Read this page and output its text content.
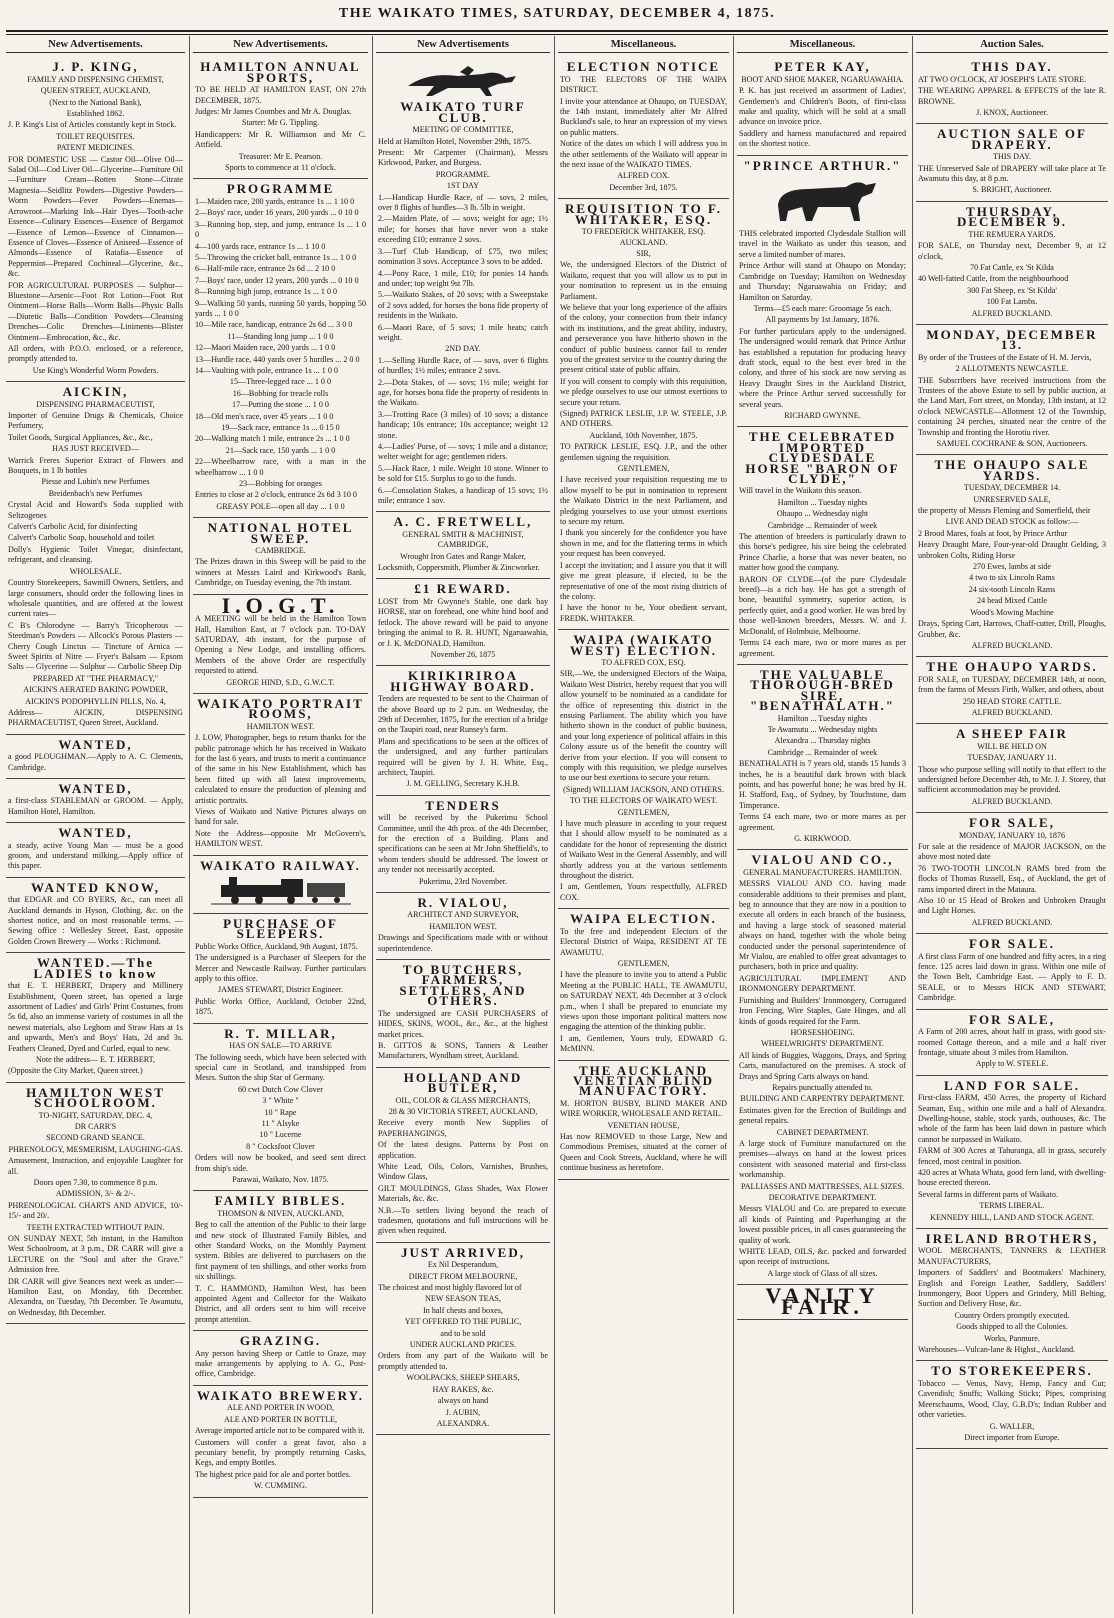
THE WAIKATO TIMES, SATURDAY, DECEMBER 4, 1875.
New Advertisements.
J. P. KING,

FAMILY AND DISPENSING CHEMIST,

QUEEN STREET, AUCKLAND,

(Next to the National Bank),

Established 1862.

J. P. King's List of Articles constantly kept in Stock.

TOILET REQUISITES.

PATENT MEDICINES.

FOR DOMESTIC USE — Castor Oil—Olive Oil—Salad Oil—Cod Liver Oil—Glycerine—Furniture Oil—Furniture Cream—Rotten Stone—Citrate Magnesia—Seidlitz Powders—Digestive Powders—Worm Powders—Fever Powders—Enemas—Arrowroot—Marking Ink—Hair Dyes—Tooth-ache Essence—Culinary Essences—Essence of Bergamot—Essence of Lemon—Essence of Cinnamon—Essence of Cloves—Essence of Aniseed—Essence of Almonds—Essence of Ratafia—Essence of Peppermint—Prepared Cochineal—Glycerine, &c., &c.

FOR AGRICULTURAL PURPOSES — Sulphur—Bluestone—Arsenic—Foot Rot Lotion—Foot Rot Ointment—Horse Balls—Worm Balls—Physic Balls—Diuretic Balls—Condition Powders—Cleansing Drenches—Colic Drenches—Liniments—Blister Ointment—Embrocation, &c., &c.

All orders, with P.O.O. enclosed, or a reference, promptly attended to.

Use King's Wonderful Worm Powders.

AICKIN,

DISPENSING PHARMACEUTIST,

Importer of Genuine Drugs & Chemicals, Choice Perfumery,

Toilet Goods, Surgical Appliances, &c., &c.,

HAS JUST RECEIVED—

Warrick Freres Superior Extract of Flowers and Bouquets, in 1 lb bottles

Piesse and Lubin's new Perfumes

Breidenbach's new Perfumes

Crystal Acid and Howard's Soda supplied with Seltzogenes

Calvert's Carbolic Acid, for disinfecting

Calvert's Carbolic Soap, household and toilet

Dolly's Hygienic Toilet Vinegar, disinfectant, refrigerant, and cleansing.

WHOLESALE.

Country Storekeepers, Sawmill Owners, Settlers, and large consumers, should order the following lines in wholesale quantities, and are offered at the lowest current rates—

C B's Chlorodyne — Barry's Tricopherous — Steedman's Powders — Allcock's Porous Plasters — Cherry Cough Linctus — Tincture of Arnica — Sweet Spirits of Nitre — Fryer's Balsam — Epsom Salts — Glycerine — Sulphur — Carbolic Sheep Dip

PREPARED AT "THE PHARMACY,"

AICKIN'S AERATED BAKING POWDER,

AICKIN'S PODOPHYLLIN PILLS, No. 4,

Address— AICKIN, DISPENSING PHARMACEUTIST, Queen Street, Auckland.

WANTED,

a good PLOUGHMAN.—Apply to A. C. Clements, Cambridge.

WANTED,

a first-class STABLEMAN or GROOM. — Apply, Hamilton Hotel, Hamilton.

WANTED,

a steady, active Young Man — must be a good groom, and understand milking.—Apply office of this paper.

WANTED KNOW,

that EDGAR and CO BYERS, &c., can meet all Auckland demands in Hyson, Clothing, &c. on the shortest notice, and on most reasonable terms. — Sewing office : Wellesley Street, East, opposite Golden Crown Brewery — Works : Richmond.

WANTED.—The LADIES to know

that E. T. HERBERT, Drapery and Millinery Establishment, Queen street, has opened a large assortment of Ladies' and Girls' Print Costumes, from 5s 6d, also an immense variety of costumes in all the newest materials, also Leghorn and Straw Hats at 1s and upwards, Men's and Boys' Hats, 2d and 3s. Feathers Cleaned, Dyed and Curled, equal to new.

Note the address— E. T. HERBERT,

(Opposite the City Market, Queen street.)

HAMILTON WEST SCHOOLROOM.

TO-NIGHT, SATURDAY, DEC. 4,

DR CARR'S

SECOND GRAND SEANCE.

PHRENOLOGY, MESMERISM, LAUGHING-GAS.

Amusement, Instruction, and enjoyable Laughter for all.

Doors open 7.30, to commence 8 p.m.

ADMISSION, 3/- & 2/-.

PHRENOLOGICAL CHARTS AND ADVICE, 10/- 15/- and 20/.

TEETH EXTRACTED WITHOUT PAIN.

ON SUNDAY NEXT, 5th instant, in the Hamilton West Schoolroom, at 3 p.m., DR CARR will give a LECTURE on the "Soul and after the Grave." Admission free.

DR CARR will give Seances next week as under:— Hamilton East, on Monday, 6th December. Alexandra, on Tuesday, 7th December. Te Awamutu, on Wednesday, 8th December.

New Advertisements.
HAMILTON ANNUAL SPORTS,

TO BE HELD AT HAMILTON EAST, ON 27th DECEMBER, 1875.

Judges: Mr James Coombes and Mr A. Douglas.

Starter: Mr G. Tippling.

Handicappers: Mr R. Williamson and Mr C. Attfield.

Treasurer: Mr E. Pearson.

Sports to commence at 11 o'clock.

PROGRAMME

1—Maiden race, 200 yards, entrance 1s ... 1 10 0

2—Boys' race, under 16 years, 200 yards ... 0 10 0

3—Running hop, step, and jump, entrance 1s ... 1 0 0

4—100 yards race, entrance 1s ... 1 10 0

5—Throwing the cricket ball, entrance 1s ... 1 0 0

6—Half-mile race, entrance 2s 6d ... 2 10 0

7—Boys' race, under 12 years, 200 yards ... 0 10 0

8—Running high jump, entrance 1s ... 1 0 0

9—Walking 50 yards, running 50 yards, hopping 50 yards ... 1 0 0

10—Mile race, handicap, entrance 2s 6d ... 3 0 0

11—Standing long jump ... 1 0 0

12—Maori Maiden race, 200 yards ... 1 0 0

13—Hurdle race, 440 yards over 5 hurdles ... 2 0 0

14—Vaulting with pole, entrance 1s ... 1 0 0

15—Three-legged race ... 1 0 0

16—Bobbing for treacle rolls

17—Putting the stone ... 1 0 0

18—Old men's race, over 45 years ... 1 0 0

19—Sack race, entrance 1s ... 0 15 0

20—Walking match 1 mile, entrance 2s ... 1 0 0

21—Sack race, 150 yards ... 1 0 0

22—Wheelbarrow race, with a man in the wheelbarrow ... 1 0 0

23—Bobbing for oranges

Entries to close at 2 o'clock, entrance 2s 6d 3 10 0

GREASY POLE—open all day ... 1 0 0

NATIONAL HOTEL SWEEP.

CAMBRIDGE.

The Prizes drawn in this Sweep will be paid to the winners at Messrs Laird and Kirkwood's Bank, Cambridge, on Tuesday evening, the 7th instant.

I.O.G.T.

A MEETING will be held in the Hamilton Town Hall, Hamilton East, at 7 o'clock p.m. TO-DAY SATURDAY, 4th instant, for the purpose of Opening a New Lodge, and installing officers. Members of the above Order are respectfully requested to attend.

GEORGE HIND, S.D., G.W.C.T.

WAIKATO PORTRAIT ROOMS,

HAMILTON WEST.

J. LOW, Photographer, begs to return thanks for the public patronage which he has received in Waikato for the last 6 years, and trusts to merit a continuance of the same in his New Establishment, which has been fitted up with all latest improvements, calculated to ensure the production of pleasing and artistic portraits.

Views of Waikato and Native Pictures always on hand for sale.

Note the Address—opposite Mr McGovern's, HAMILTON WEST.

WAIKATO RAILWAY.
PURCHASE OF SLEEPERS.

Public Works Office, Auckland, 9th August, 1875.

The undersigned is a Purchaser of Sleepers for the Mercer and Newcastle Railway. Further particulars apply to this office.

JAMES STEWART, District Engineer.

Public Works Office, Auckland, October 22nd, 1875.

R. T. MILLAR,

HAS ON SALE—TO ARRIVE

The following seeds, which have been selected with special care in Scotland, and transhipped from Mesrs. Sutton the ship Star of Germany.

60 cwt Dutch Cow Clover

3 " White "

10 " Rape

11 " Alsyke

10 " Lucerne

8 " Cocksfoot Clover

Orders will now be booked, and seed sent direct from ship's side.

Parawai, Waikato, Nov. 1875.

FAMILY BIBLES.

THOMSON & NIVEN, AUCKLAND,

Beg to call the attention of the Public to their large and new stock of Illustrated Family Bibles, and other Standard Works, on the Monthly Payment system. Bibles are delivered to purchasers on the first payment of ten shillings, and other works from six shillings.

T. C. HAMMOND, Hamilton West, has been appointed Agent and Collector for the Waikato District, and all orders sent to him will receive prompt attention.

GRAZING.

Any person having Sheep or Cattle to Graze, may make arrangements by applying to A. G., Post-office, Cambridge.

WAIKATO BREWERY.

ALE AND PORTER IN WOOD,

ALE AND PORTER IN BOTTLE,

Average imported article not to be compared with it.

Customers will confer a great favor, also a pecuniary benefit, by promptly returning Casks, Kegs, and empty Bottles.

The highest price paid for ale and porter bottles.

W. CUMMING.

New Advertisements
WAIKATO TURF CLUB.

MEETING OF COMMITTEE,

Held at Hamilton Hotel, November 29th, 1875.

Present: Mr Carpenter (Chairman), Messrs Kirkwood, Parker, and Burgess.

PROGRAMME.

1ST DAY

1.—Handicap Hurdle Race, of — sovs, 2 miles, over 8 flights of hurdles—3 lb. 5lb in weight.

2.—Maiden Plate, of — sovs; weight for age; 1½ mile; for horses that have never won a stake exceeding £10; entrance 2 sovs.

3.—Turf Club Handicap, of £75, two miles; nomination 3 sovs. Acceptance 3 sovs to be added.

4.—Pony Race, 1 mile, £10; for ponies 14 hands and under; top weight 9st 7lb.

5.—Waikato Stakes, of 20 sovs; with a Sweepstake of 2 sovs added, for horses the bona fide property of residents in the Waikato.

6.—Maori Race, of 5 sovs; 1 mile heats; catch weight.

2ND DAY.

1.—Selling Hurdle Race, of — sovs, over 6 flights of hurdles; 1½ miles; entrance 2 sovs.

2.—Dota Stakes, of — sovs; 1½ mile; weight for age, for horses bona fide the property of residents in the Waikato.

3.—Trotting Race (3 miles) of 10 sovs; a distance handicap; 10s entrance; 10s acceptance; weight 12 stone.

4.—Ladies' Purse, of — sovs; 1 mile and a distance; welter weight for age; gentlemen riders.

5.—Hack Race, 1 mile. Weight 10 stone. Winner to be sold for £15. Surplus to go to the funds.

6.—Consolation Stakes, a handicap of 15 sovs; 1½ mile; entrance 1 sov.

A. C. FRETWELL,

GENERAL SMITH & MACHINIST, CAMBRIDGE,

Wrought Iron Gates and Range Maker,

Locksmith, Coppersmith, Plumber & Zincworker.

£1 REWARD.

LOST from Mr Gwynne's Stable, one dark bay HORSE, star on forehead, one white hind hoof and fetlock. The above reward will be paid to anyone bringing the animal to R. R. HUNT, Ngaruawahia, or J. K. McDONALD, Hamilton.

November 26, 1875

KIRIKIRIROA HIGHWAY BOARD.

Tenders are requested to be sent to the Chairman of the above Board up to 2 p.m. on Wednesday, the 29th of December, 1875, for the erection of a bridge on the Taupiri road, near Runsey's farm.

Plans and specifications to be seen at the offices of the undersigned, and any further particulars required will be given by J. H. White, Esq., architect, Taupiri.

J. M. GELLING, Secretary K.H.B.

TENDERS

will be received by the Pukerimu School Committee, until the 4th prox. of the 4th December, for the erection of a Building. Plans and specifications can be seen at Mr John Sheffield's, to whom tenders should be addressed. The lowest or any tender not necessarily accepted.

Pukerimu, 23rd November.

R. VIALOU,

ARCHITECT AND SURVEYOR,

HAMILTON WEST.

Drawings and Specifications made with or without superintendence.

TO BUTCHERS, FARMERS, SETTLERS, AND OTHERS.

The undersigned are CASH PURCHASERS of HIDES, SKINS, WOOL, &c., &c., at the highest market prices.

B. GITTOS & SONS, Tanners & Leather Manufacturers, Wyndham street, Auckland.

HOLLAND AND BUTLER,

OIL, COLOR & GLASS MERCHANTS,

28 & 30 VICTORIA STREET, AUCKLAND,

Receive every month New Supplies of PAPERHANGINGS,

Of the latest designs. Patterns by Post on application.

White Lead, Oils, Colors, Varnishes, Brushes, Window Glass,

GILT MOULDINGS, Glass Shades, Wax Flower Materials, &c. &c.

N.B.—To settlers living beyond the reach of tradesmen, quotations and full instructions will be given when required.

JUST ARRIVED,

Ex Nil Desperandum,

DIRECT FROM MELBOURNE,

The choicest and most highly flavored lot of

NEW SEASON TEAS,

In half chests and boxes,

YET OFFERED TO THE PUBLIC,

and to be sold

UNDER AUCKLAND PRICES.

Orders from any part of the Waikato will be promptly attended to.

WOOLPACKS, SHEEP SHEARS,

HAY RAKES, &c.

always on hand

J. AUBIN,

ALEXANDRA.

Miscellaneous.
ELECTION NOTICE

TO THE ELECTORS OF THE WAIPA DISTRICT.

I invite your attendance at Ohaupo, on TUESDAY, the 14th instant, immediately after Mr Alfred Buckland's sale, to hear an expression of my views on public matters.

Notice of the dates on which I will address you in the other settlements of the Waikato will appear in the next issue of the WAIKATO TIMES.

ALFRED COX.

December 3rd, 1875.

REQUISITION TO F. WHITAKER, ESQ.

TO FREDERICK WHITAKER, ESQ. AUCKLAND.

SIR,

We, the undersigned Electors of the District of Waikato, request that you will allow us to put in your nomination to represent us in the ensuing Parliament.

We believe that your long experience of the affairs of the colony, your connection from their infancy with its institutions, and the great ability, industry, and perseverance you have hitherto shown in the conduct of public business cannot fail to render you of the greatest service to the country during the present critical state of public affairs.

If you will consent to comply with this requisition, we pledge ourselves to use our utmost exertions to secure your return.

(Signed) PATRICK LESLIE, J.P. W. STEELE, J.P. AND OTHERS.

Auckland, 10th November, 1875.

TO PATRICK LESLIE, ESQ. J.P., and the other gentlemen signing the requisition.

GENTLEMEN,

I have received your requisition requesting me to allow myself to be put in nomination to represent the Waikato District in the next Parliament, and pledging yourselves to use your utmost exertions to secure my return.

I thank you sincerely for the confidence you have shown in me, and for the flattering terms in which your request has been conveyed.

I accept the invitation; and I assure you that it will give me great pleasure, if elected, to be the representative of one of the most rising districts of the colony.

I have the honor to be, Your obedient servant, FREDK. WHITAKER.

WAIPA (WAIKATO WEST) ELECTION.

TO ALFRED COX, ESQ.

SIR,—We, the undersigned Electors of the Waipa, Waikato West District, hereby request that you will allow yourself to be nominated as a candidate for the office of representing this district in the ensuing Parliament. The ability which you have hitherto shown in the conduct of public business, and your long experience of political affairs in this Colony assure us of the benefit the country will derive from your election. If you will consent to comply with this requisition, we pledge ourselves to use our best exertions to secure your return.

(Signed) WILLIAM JACKSON, AND OTHERS.

TO THE ELECTORS OF WAIKATO WEST.

GENTLEMEN,

I have much pleasure in acceding to your request that I should allow myself to be nominated as a candidate for the honor of representing the district of Waikato West in the General Assembly, and will shortly address you at the various settlements throughout the district.

I am, Gentlemen, Yours respectfully, ALFRED COX.

WAIPA ELECTION.

To the free and independent Electors of the Electoral District of Waipa, RESIDENT AT TE AWAMUTU.

GENTLEMEN,

I have the pleasure to invite you to attend a Public Meeting at the PUBLIC HALL, TE AWAMUTU, on SATURDAY NEXT, 4th December at 3 o'clock p.m., when I shall be prepared to enunciate my views upon those important political matters now engaging the attention of the thinking public.

I am, Gentlemen, Yours truly, EDWARD G. McMINN.

THE AUCKLAND VENETIAN BLIND MANUFACTORY.

M. HORTON BUSBY, BLIND MAKER AND WIRE WORKER, WHOLESALE AND RETAIL.

VENETIAN HOUSE,

Has now REMOVED to those Large, New and Commodious Premises, situated at the corner of Queen and Cook Streets, Auckland, where he will continue business as heretofore.

Miscellaneous.
PETER KAY,

BOOT AND SHOE MAKER, NGARUAWAHIA.

P. K. has just received an assortment of Ladies', Gentlemen's and Children's Boots, of first-class make and quality, which will be sold at a small advance on invoice price.

Saddlery and harness manufactured and repaired on the shortest notice.

"PRINCE ARTHUR."

THIS celebrated imported Clydesdale Stallion will travel in the Waikato as under this season, and serve a limited number of mares.

Prince Arthur will stand at Ohaupo on Monday; Cambridge on Tuesday; Hamilton on Wednesday and Thursday; Ngaruawahia on Friday; and Hamilton on Saturday.

Terms—£5 each mare: Groomage 5s each.

All payments by 1st January, 1876.

For further particulars apply to the undersigned. The undersigned would remark that Prince Arthur has established a reputation for producing heavy draft stock, equal to the best ever bred in the colony, and three of his stock are now serving as Heavy Draught Sires in the Auckland District, where the Prince Arthur served successfully for several years.

RICHARD GWYNNE.

THE CELEBRATED IMPORTED CLYDESDALE HORSE "BARON OF CLYDE,"

Will travel in the Waikato this season.

Hamilton ... Tuesday nights

Ohaupo ... Wednesday night

Cambridge ... Remainder of week

The attention of breeders is particularly drawn to this horse's pedigree, his sire being the celebrated Prince Charlie, a horse that was never beaten, no matter how good the company.

BARON OF CLYDE—(of the pure Clydesdale breed)—is a rich bay. He has got a strength of bone, beautiful symmetry, superior action, is perfectly quiet, and a good worker. He was bred by those well-known breeders, Messrs. W. and J. McDonald, of Holmbuie, Melbourne.

Terms £4 each mare, two or more mares as per agreement.

THE VALUABLE THOROUGH-BRED SIRE, "BENATHALATH."

Hamilton ... Tuesday nights

Te Awamutu ... Wednesday nights

Alexandra ... Thursday nights

Cambridge ... Remainder of week

BENATHALATH is 7 years old, stands 15 hands 3 inches, he is a beautiful dark brown with black points, and has powerful bone; he was bred by H. H. Stafford, Esq., of Sydney, by Touchstone, dam Timperance.

Terms £4 each mare, two or more mares as per agreement.

G. KIRKWOOD.

VIALOU AND CO.,

GENERAL MANUFACTURERS. HAMILTON.

MESSRS VIALOU AND CO. having made considerable additions to their premises and plant, beg to announce that they are now in a position to execute all orders in each branch of the business, and having a large stock of seasoned material always on hand, together with the whole being conducted under the personal superintendence of Mr Vialou, are enabled to offer great advantages to purchasers, both in price and quality.

AGRICULTURAL IMPLEMENT AND IRONMONGERY DEPARTMENT.

Furnishing and Builders' Ironmongery, Corrugated Iron Fencing, Wire Staples, Gate Hinges, and all kinds of goods required for the Farm.

HORSESHOEING.

WHEELWRIGHTS' DEPARTMENT.

All kinds of Buggies, Waggons, Drays, and Spring Carts, manufactured on the premises. A stock of Drays and Spring Carts always on hand.

Repairs punctually attended to.

BUILDING AND CARPENTRY DEPARTMENT.

Estimates given for the Erection of Buildings and general repairs.

CABINET DEPARTMENT.

A large stock of Furniture manufactured on the premises—always on hand at the lowest prices consistent with seasoned material and first-class workmanship.

PALLIASSES AND MATTRESSES, ALL SIZES.

DECORATIVE DEPARTMENT.

Messrs VIALOU and Co. are prepared to execute all kinds of Painting and Paperhanging at the lowest possible prices, in all cases guaranteeing the quality of work.

WHITE LEAD, OILS, &c. packed and forwarded upon receipt of instructions.

A large stock of Glass of all sizes.

VANITY FAIR.
Auction Sales.
THIS DAY.

AT TWO O'CLOCK, AT JOSEPH'S LATE STORE.

THE WEARING APPAREL & EFFECTS of the late R. BROWNE.

J. KNOX, Auctioneer.

AUCTION SALE OF DRAPERY.

THIS DAY.

THE Unreserved Sale of DRAPERY will take place at Te Awamutu this day, at 8 p.m.

S. BRIGHT, Auctioneer.

THURSDAY, DECEMBER 9.

THE REMUERA YARDS.

FOR SALE, on Thursday next, December 9, at 12 o'clock,

70 Fat Cattle, ex 'St Kilda

40 Well-fatted Cattle, from the neighbourhood

300 Fat Sheep, ex 'St Kilda'

100 Fat Lambs.

ALFRED BUCKLAND.

MONDAY, DECEMBER 13.

By order of the Trustees of the Estate of H. M. Jervis,

2 ALLOTMENTS NEWCASTLE.

THE Subscribers have received instructions from the Trustees of the above Estate to sell by public auction, at the Land Mart, Fort street, on Monday, 13th instant, at 12 o'clock NEWCASTLE—Allotment 12 of the Township, containing 24 perches, situated near the centre of the Township and fronting the Horotiu river.

SAMUEL COCHRANE & SON, Auctioneers.

THE OHAUPO SALE YARDS.

TUESDAY, DECEMBER 14.

UNRESERVED SALE,

the property of Messrs Fleming and Somerfield, their

LIVE AND DEAD STOCK as follow:—

2 Brood Mares, foals at foot, by Prince Arthur

Heavy Draught Mare, Four-year-old Draught Gelding, 3 unbroken Colts, Riding Horse

270 Ewes, lambs at side

4 two to six Lincoln Rams

24 six-tooth Lincoln Rams

24 head Mixed Cattle

Wood's Mowing Machine

Drays, Spring Cart, Harrows, Chaff-cutter, Drill, Ploughs, Grubber, &c.

ALFRED BUCKLAND.

THE OHAUPO YARDS.

FOR SALE, on TUESDAY, DECEMBER 14th, at noon, from the farms of Messrs Firth, Walker, and others, about

250 HEAD STORE CATTLE.

ALFRED BUCKLAND.

A SHEEP FAIR

WILL BE HELD ON

TUESDAY, JANUARY 11.

Those who purpose selling will notify to that effect to the undersigned before December 4th, to Mr. J. J. Storey, that sufficient accommodation may be provided.

ALFRED BUCKLAND.

FOR SALE,

MONDAY, JANUARY 10, 1876

For sale at the residence of MAJOR JACKSON, on the above most noted date

76 TWO-TOOTH LINCOLN RAMS bred from the flocks of Thomas Russell, Esq., of Auckland, the get of rams imported direct in the Mataura.

Also 10 or 15 Head of Broken and Unbroken Draught and Light Horses.

ALFRED BUCKLAND.

FOR SALE.

A first class Farm of one hundred and fifty acres, in a ring fence. 125 acres laid down in grass. Within one mile of the Town Belt, Cambridge East. — Apply to F. D. SEALE, or to Messrs HICK AND STEWART, Cambridge.

FOR SALE,

A Farm of 200 acres, about half in grass, with good six-roomed Cottage thereon, and a mile and a half river frontage, situate about 3 miles from Hamilton.

Apply to W. STEELE.

LAND FOR SALE.

First-class FARM, 450 Acres, the property of Richard Seaman, Esq., within one mile and a half of Alexandra. Dwelling-house, stable, stock yards, outhouses, &c. The whole of the farm has been laid down in pasture which cannot be surpassed in Waikato.

FARM of 300 Acres at Tahuranga, all in grass, securely fenced, most central in position.

420 acres at Whata Whata, good fern land, with dwelling-house erected thereon.

Several farms in different parts of Waikato.

TERMS LIBERAL.

KENNEDY HILL, LAND AND STOCK AGENT.

IRELAND BROTHERS,

WOOL MERCHANTS, TANNERS & LEATHER MANUFACTURERS,

Importers of Saddlers' and Bootmakers' Machinery, English and Foreign Leather, Saddlery, Saddlers' Ironmongery, Boot Uppers and Grindery, Mill Belting, Suction and Delivery Hose, &c.

Country Orders promptly executed.

Goods shipped to all the Colonies.

Works, Panmure.

Warehouses—Vulcan-lane & Highst., Auckland.

TO STOREKEEPERS.

Tobacco — Venus, Navy, Hemp, Fancy and Cut; Cavendish; Snuffs; Walking Sticks; Pipes, comprising Meerschaums, Wood, Clay, G.B.D's; Indian Rubber and other varieties.

G. WALLER,

Direct importer from Europe.
